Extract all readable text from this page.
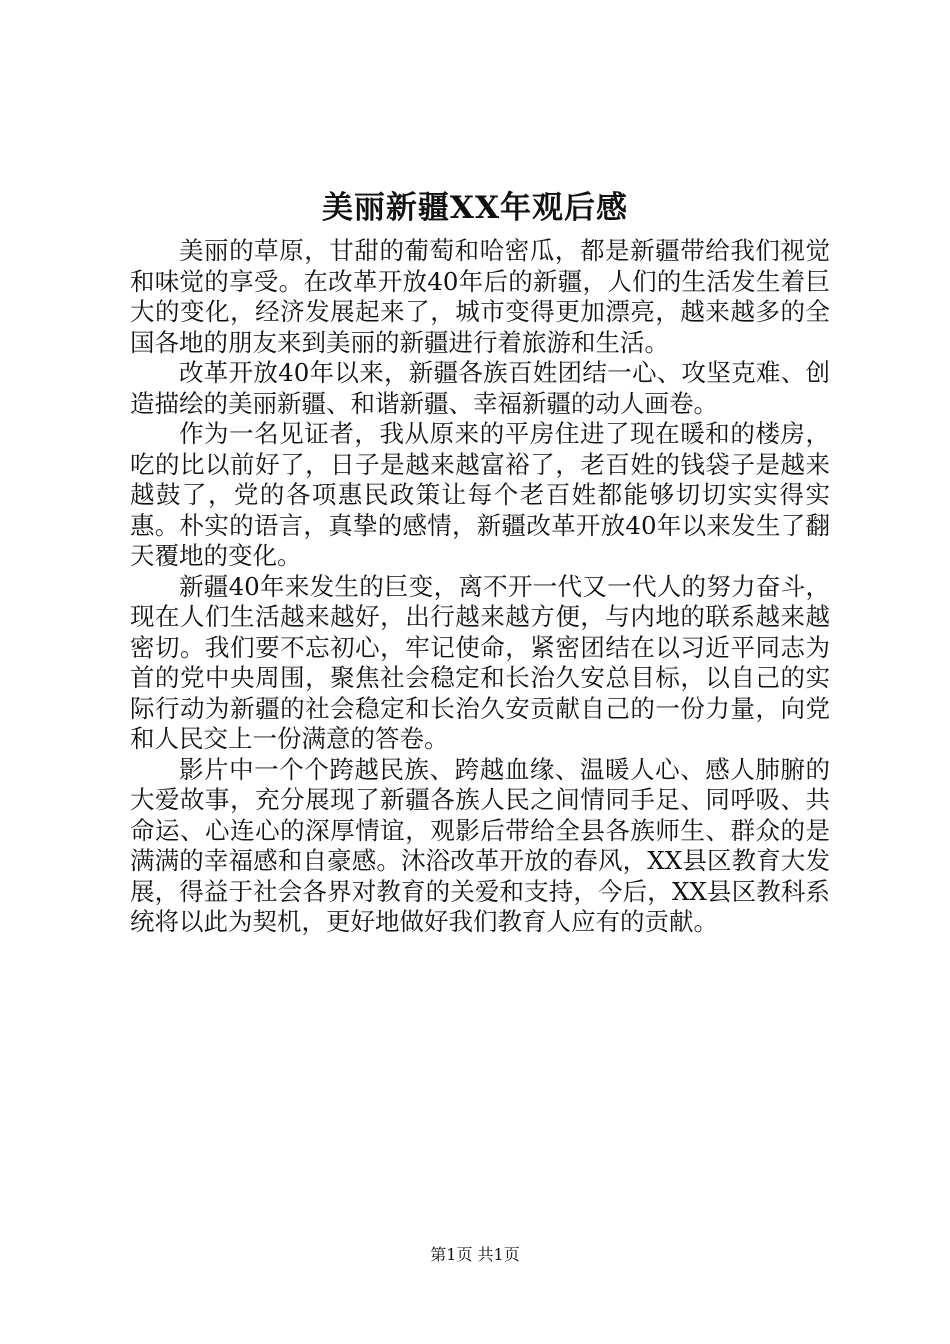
美丽新疆XX年观后感

美丽的草原，甘甜的葡萄和哈密瓜，都是新疆带给我们视觉和味觉的享受。在改革开放40年后的新疆，人们的生活发生着巨大的变化，经济发展起来了，城市变得更加漂亮，越来越多的全国各地的朋友来到美丽的新疆进行着旅游和生活。

改革开放40年以来，新疆各族百姓团结一心、攻坚克难、创造描绘的美丽新疆、和谐新疆、幸福新疆的动人画卷。

作为一名见证者，我从原来的平房住进了现在暖和的楼房，吃的比以前好了，日子是越来越富裕了，老百姓的钱袋子是越来越鼓了，党的各项惠民政策让每个老百姓都能够切切实实得实惠。朴实的语言，真挚的感情，新疆改革开放40年以来发生了翻天覆地的变化。

新疆40年来发生的巨变，离不开一代又一代人的努力奋斗，现在人们生活越来越好，出行越来越方便，与内地的联系越来越密切。我们要不忘初心，牢记使命，紧密团结在以习近平同志为首的党中央周围，聚焦社会稳定和长治久安总目标，以自己的实际行动为新疆的社会稳定和长治久安贡献自己的一份力量，向党和人民交上一份满意的答卷。

影片中一个个跨越民族、跨越血缘、温暖人心、感人肺腑的大爱故事，充分展现了新疆各族人民之间情同手足、同呼吸、共命运、心连心的深厚情谊，观影后带给全县各族师生、群众的是满满的幸福感和自豪感。沐浴改革开放的春风，XX县区教育大发展，得益于社会各界对教育的关爱和支持，今后，XX县区教科系统将以此为契机，更好地做好我们教育人应有的贡献。

第1页 共1页
